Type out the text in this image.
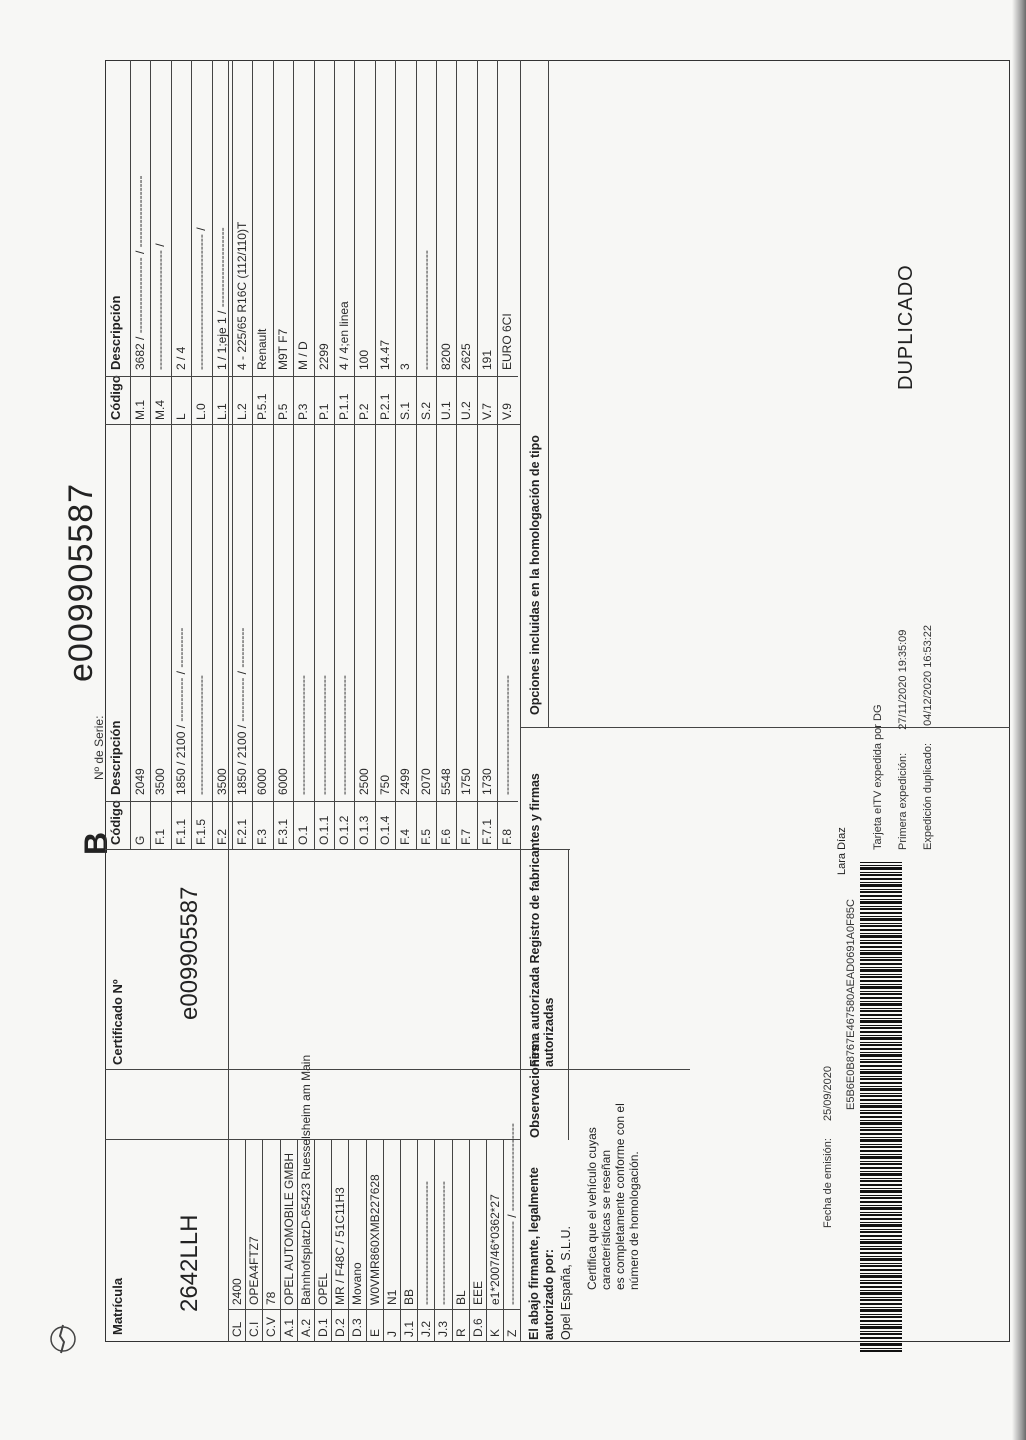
B
Nº de Serie:
e009905587
Matrícula 2642LLH
Certificado Nº
e009905587
CL
2400
C.I
OPEA4FTZ7
C.V
78
A.1
OPEL AUTOMOBILE GMBH
A.2
BahnhofsplatzD-65423 Ruesselsheim am Main
D.1
OPEL
D.2
MR / F48C / 51C11H3
D.3
Movano
E
W0VMR860XMB227628
J
N1
J.1
BB
J.2
-------------------------------
J.3
-------------------------------
R
BL
D.6
EEE
K
e1*2007/46*0362*27
Z
--------------------- / ----------------------
Código
Descripción
G
2049
F.1
3500
F.1.1
1850 / 2100 / ----------- / ----------
F.1.5
------------------------------
F.2
3500
F.2.1
1850 / 2100 / ----------- / ----------
F.3
6000
F.3.1
6000
O.1
------------------------------
O.1.1
------------------------------
O.1.2
------------------------------
O.1.3
2500
O.1.4
750
F.4
2499
F.5
2070
F.6
5548
F.7
1750
F.7.1
1730
F.8
------------------------------
Código
Descripción
M.1
3682 / ------------------- / ------------------
M.4
------------------------------ /
L
2 / 4
L.0
---------------------------------- /
L.1
1 / 1;eje 1 / --------------------
L.2
4 - 225/65 R16C (112/110)T
P.5.1
Renault
P.5
M9T F7
P.3
M / D
P.1
2299
P.1.1
4 / 4;en linea
P.2
100
P.2.1
14.47
S.1
3
S.2
------------------------------
U.1
8200
U.2
2625
V.7
191
V.9
EURO 6CI
Observaciones :
Firma autorizada Registro de fabricantes y firmas autorizadas
Opciones incluidas en la homologación de tipo
El abajo firmante, legalmente autorizado por: Opel España, S.L.U. Certifica que el vehículo cuyas características se reseñan es completamente conforme con el número de homologación.	Fecha de emisión: 25/09/2020
Lara Díaz
E5B6E0B8767E467580AEAD0691A0F85C
Tarjeta eITV expedida por DG Primera expedición: 27/11/2020 19:35:09
Expedición duplicado: 04/12/2020 16:53:22
DUPLICADO
